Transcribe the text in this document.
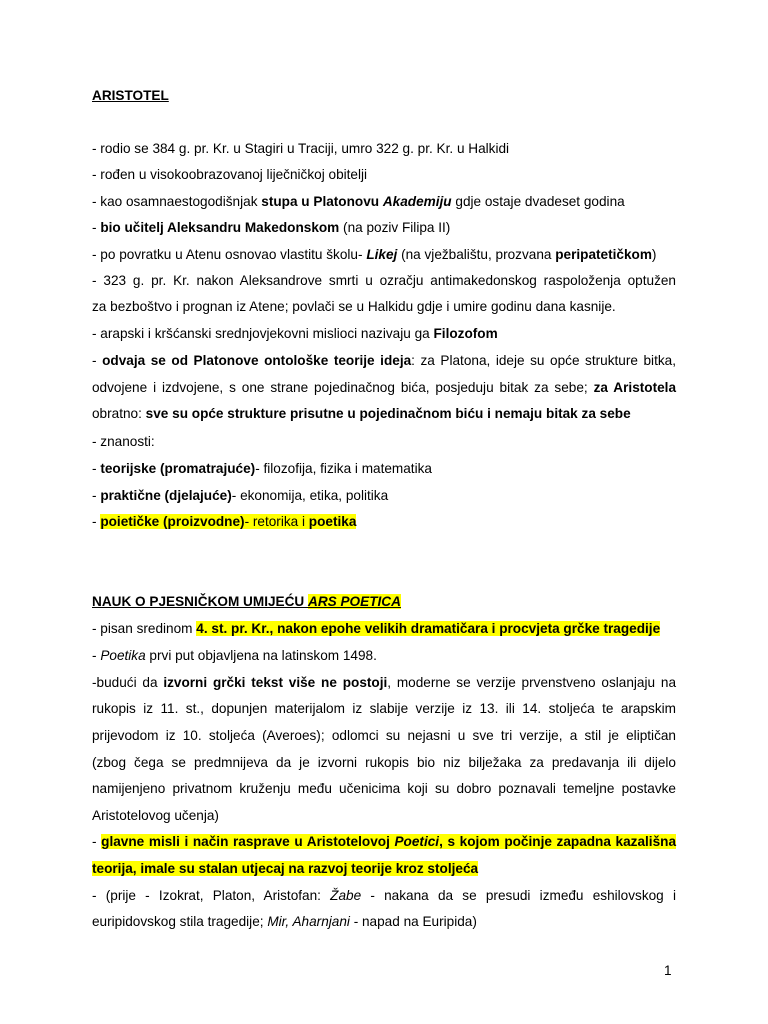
ARISTOTEL
- rodio se 384 g. pr. Kr. u Stagiri u Traciji, umro 322 g. pr. Kr. u Halkidi
- rođen u visokoobrazovanoj liječničkoj obitelji
- kao osamnaestogodišnjak stupa u Platonovu Akademiju gdje ostaje dvadeset godina
- bio učitelj Aleksandru Makedonskom (na poziv Filipa II)
- po povratku u Atenu osnovao vlastitu školu- Likej (na vježbalištu, prozvana peripatetičkom)
- 323 g. pr. Kr. nakon Aleksandrove smrti u ozračju antimakedonskog raspoloženja optužen
za bezboštvo i prognan iz Atene; povlači se u Halkidu gdje i umire godinu dana kasnije.
- arapski i kršćanski srednjovjekovni mislioci nazivaju ga Filozofom
- odvaja se od Platonove ontološke teorije ideja: za Platona, ideje su opće strukture bitka,
odvojene i izdvojene, s one strane pojedinačnog bića, posjeduju bitak za sebe; za Aristotela
obratno: sve su opće strukture prisutne u pojedinačnom biću i nemaju bitak za sebe
- znanosti:
- teorijske (promatrajuće)- filozofija, fizika i matematika
- praktične (djelajuće)- ekonomija, etika, politika
- poietičke (proizvodne)- retorika i poetika
NAUK O PJESNIČKOM UMIJEĆU ARS POETICA
- pisan sredinom 4. st. pr. Kr., nakon epohe velikih dramatičara i procvjeta grčke tragedije
- Poetika prvi put objavljena na latinskom 1498.
-budući da izvorni grčki tekst više ne postoji, moderne se verzije prvenstveno oslanjaju na
rukopis iz 11. st., dopunjen materijalom iz slabije verzije iz 13. ili 14. stoljeća te arapskim
prijevodom iz 10. stoljeća (Averoes); odlomci su nejasni u sve tri verzije, a stil je eliptičan
(zbog čega se predmnijeva da je izvorni rukopis bio niz bilježaka za predavanja ili dijelo
namijenjeno privatnom kruženju među učenicima koji su dobro poznavali temeljne postavke
Aristotelovog učenja)
- glavne misli i način rasprave u Aristotelovoj Poetici, s kojom počinje zapadna kazališna
teorija, imale su stalan utjecaj na razvoj teorije kroz stoljeća
- (prije - Izokrat, Platon, Aristofan: Žabe - nakana da se presudi između eshilovskog i
euripidovskog stila tragedije; Mir, Aharnjani - napad na Euripida)
1
